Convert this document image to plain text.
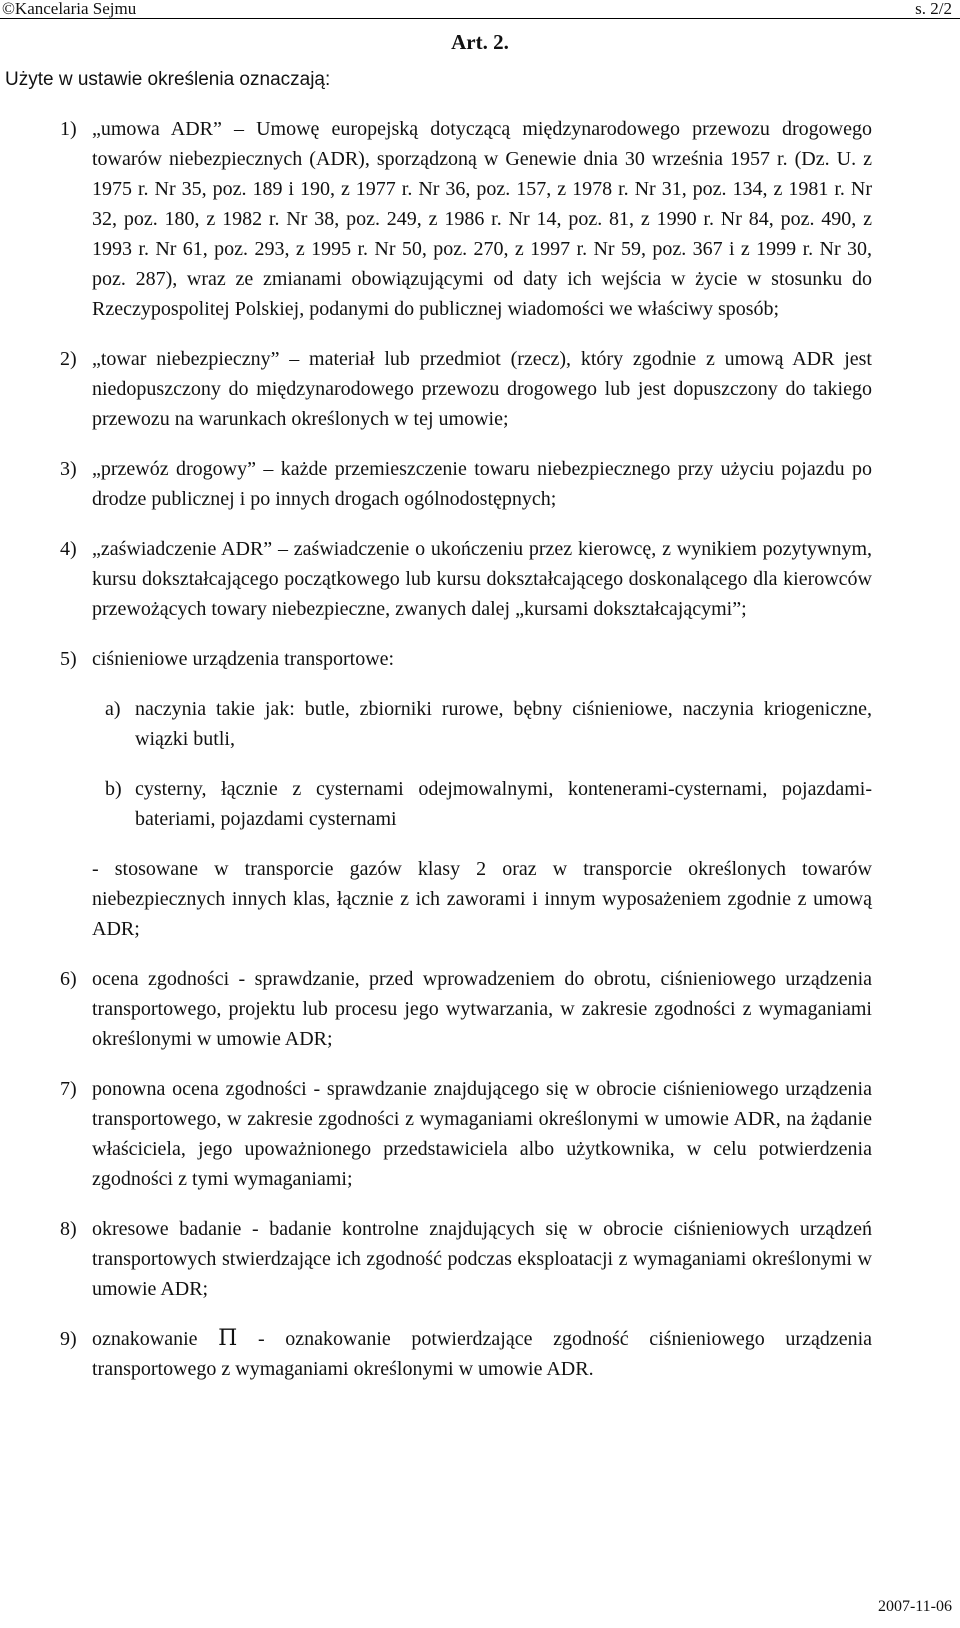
©Kancelaria Sejmu	s. 2/2
Art. 2.
Użyte w ustawie określenia oznaczają:
1) „umowa ADR” – Umowę europejską dotyczącą międzynarodowego przewozu drogowego towarów niebezpiecznych (ADR), sporządzoną w Genewie dnia 30 września 1957 r. (Dz. U. z 1975 r. Nr 35, poz. 189 i 190, z 1977 r. Nr 36, poz. 157, z 1978 r. Nr 31, poz. 134, z 1981 r. Nr 32, poz. 180, z 1982 r. Nr 38, poz. 249, z 1986 r. Nr 14, poz. 81, z 1990 r. Nr 84, poz. 490, z 1993 r. Nr 61, poz. 293, z 1995 r. Nr 50, poz. 270, z 1997 r. Nr 59, poz. 367 i z 1999 r. Nr 30, poz. 287), wraz ze zmianami obowiązującymi od daty ich wejścia w życie w stosunku do Rzeczypospolitej Polskiej, podanymi do publicznej wiadomości we właściwy sposób;
2) „towar niebezpieczny” – materiał lub przedmiot (rzecz), który zgodnie z umową ADR jest niedopuszczony do międzynarodowego przewozu drogowego lub jest dopuszczony do takiego przewozu na warunkach określonych w tej umowie;
3) „przewóz drogowy” – każde przemieszczenie towaru niebezpiecznego przy użyciu pojazdu po drodze publicznej i po innych drogach ogólnodostępnych;
4) „zaświadczenie ADR” – zaświadczenie o ukończeniu przez kierowcę, z wynikiem pozytywnym, kursu dokształcającego początkowego lub kursu dokształcającego doskonalącego dla kierowców przewożących towary niebezpieczne, zwanych dalej „kursami dokształcającymi”;
5) ciśnieniowe urządzenia transportowe:
a) naczynia takie jak: butle, zbiorniki rurowe, bębny ciśnieniowe, naczynia kriogeniczne, wiązki butli,
b) cysterny, łącznie z cysternami odejmowalnymi, kontenerami-cysternami, pojazdami-bateriami, pojazdami cysternami
- stosowane w transporcie gazów klasy 2 oraz w transporcie określonych towarów niebezpiecznych innych klas, łącznie z ich zaworami i innym wyposażeniem zgodnie z umową ADR;
6) ocena zgodności - sprawdzanie, przed wprowadzeniem do obrotu, ciśnieniowego urządzenia transportowego, projektu lub procesu jego wytwarzania, w zakresie zgodności z wymaganiami określonymi w umowie ADR;
7) ponowna ocena zgodności - sprawdzanie znajdującego się w obrocie ciśnieniowego urządzenia transportowego, w zakresie zgodności z wymaganiami określonymi w umowie ADR, na żądanie właściciela, jego upoważnionego przedstawiciela albo użytkownika, w celu potwierdzenia zgodności z tymi wymaganiami;
8) okresowe badanie - badanie kontrolne znajdujących się w obrocie ciśnieniowych urządzeń transportowych stwierdzające ich zgodność podczas eksploatacji z wymaganiami określonymi w umowie ADR;
9) oznakowanie Π - oznakowanie potwierdzające zgodność ciśnieniowego urządzenia transportowego z wymaganiami określonymi w umowie ADR.
2007-11-06
